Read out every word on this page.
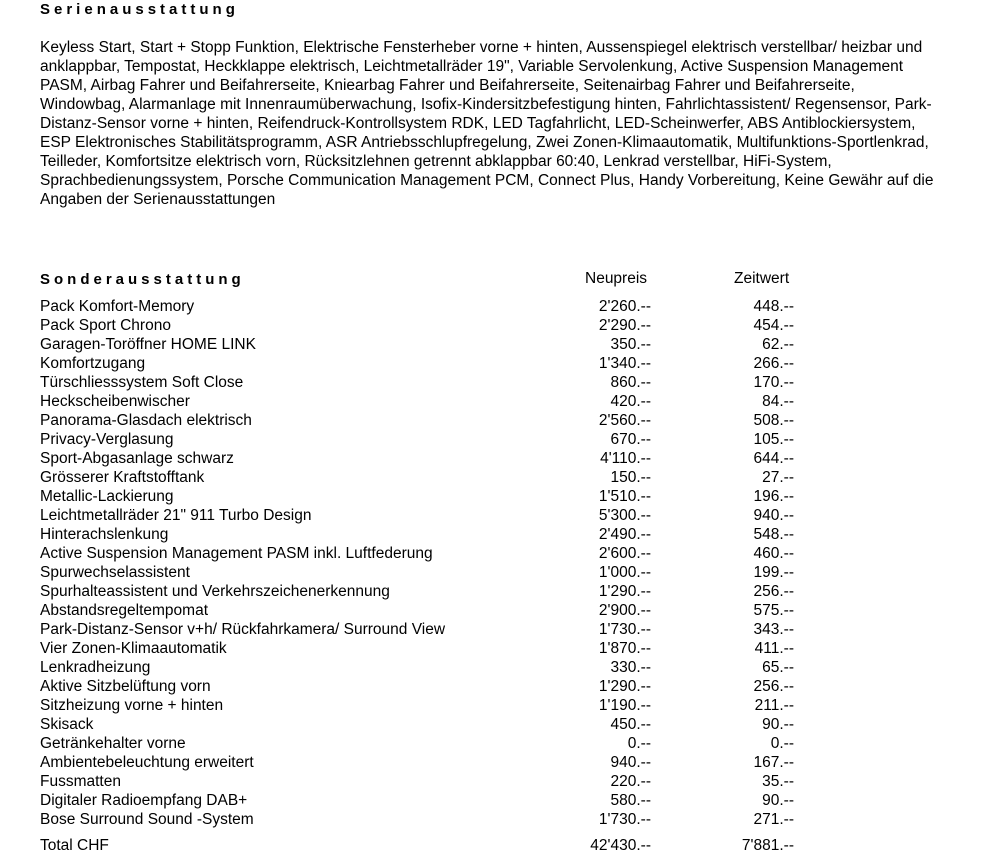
Serienausstattung
Keyless Start, Start + Stopp Funktion, Elektrische Fensterheber vorne + hinten, Aussenspiegel elektrisch verstellbar/ heizbar und anklappbar, Tempostat, Heckklappe elektrisch, Leichtmetallräder 19", Variable Servolenkung, Active Suspension Management PASM, Airbag Fahrer und Beifahrerseite, Kniearbag Fahrer und Beifahrerseite, Seitenairbag Fahrer und Beifahrerseite, Windowbag, Alarmanlage mit Innenraumüberwachung, Isofix-Kindersitzbefestigung hinten, Fahrlichtassistent/ Regensensor, Park-Distanz-Sensor vorne + hinten, Reifendruck-Kontrollsystem RDK, LED Tagfahrlicht, LED-Scheinwerfer, ABS Antiblockiersystem, ESP Elektronisches Stabilitätsprogramm, ASR Antriebsschlupfregelung, Zwei Zonen-Klimaautomatik, Multifunktions-Sportlenkrad, Teilleder, Komfortsitze elektrisch vorn, Rücksitzlehnen getrennt abklappbar 60:40, Lenkrad verstellbar, HiFi-System, Sprachbedienungssystem, Porsche Communication Management PCM, Connect Plus, Handy Vorbereitung, Keine Gewähr auf die Angaben der Serienausstattungen
Sonderausstattung	Neupreis	Zeitwert
Pack Komfort-Memory	2'260.--	448.--
Pack Sport Chrono	2'290.--	454.--
Garagen-Toröffner HOME LINK	350.--	62.--
Komfortzugang	1'340.--	266.--
Türschliesssystem Soft Close	860.--	170.--
Heckscheibenwischer	420.--	84.--
Panorama-Glasdach elektrisch	2'560.--	508.--
Privacy-Verglasung	670.--	105.--
Sport-Abgasanlage schwarz	4'110.--	644.--
Grösserer Kraftstofftank	150.--	27.--
Metallic-Lackierung	1'510.--	196.--
Leichtmetallräder 21" 911 Turbo Design	5'300.--	940.--
Hinterachslenkung	2'490.--	548.--
Active Suspension Management PASM inkl. Luftfederung	2'600.--	460.--
Spurwechselassistent	1'000.--	199.--
Spurhalteassistent und Verkehrszeichenerkennung	1'290.--	256.--
Abstandsregeltempomat	2'900.--	575.--
Park-Distanz-Sensor v+h/ Rückfahrkamera/ Surround View	1'730.--	343.--
Vier Zonen-Klimaautomatik	1'870.--	411.--
Lenkradheizung	330.--	65.--
Aktive Sitzbelüftung vorn	1'290.--	256.--
Sitzheizung vorne + hinten	1'190.--	211.--
Skisack	450.--	90.--
Getränkehalter vorne	0.--	0.--
Ambientebeleuchtung erweitert	940.--	167.--
Fussmatten	220.--	35.--
Digitaler Radioempfang DAB+	580.--	90.--
Bose Surround Sound -System	1'730.--	271.--
Total CHF	42'430.--	7'881.--
